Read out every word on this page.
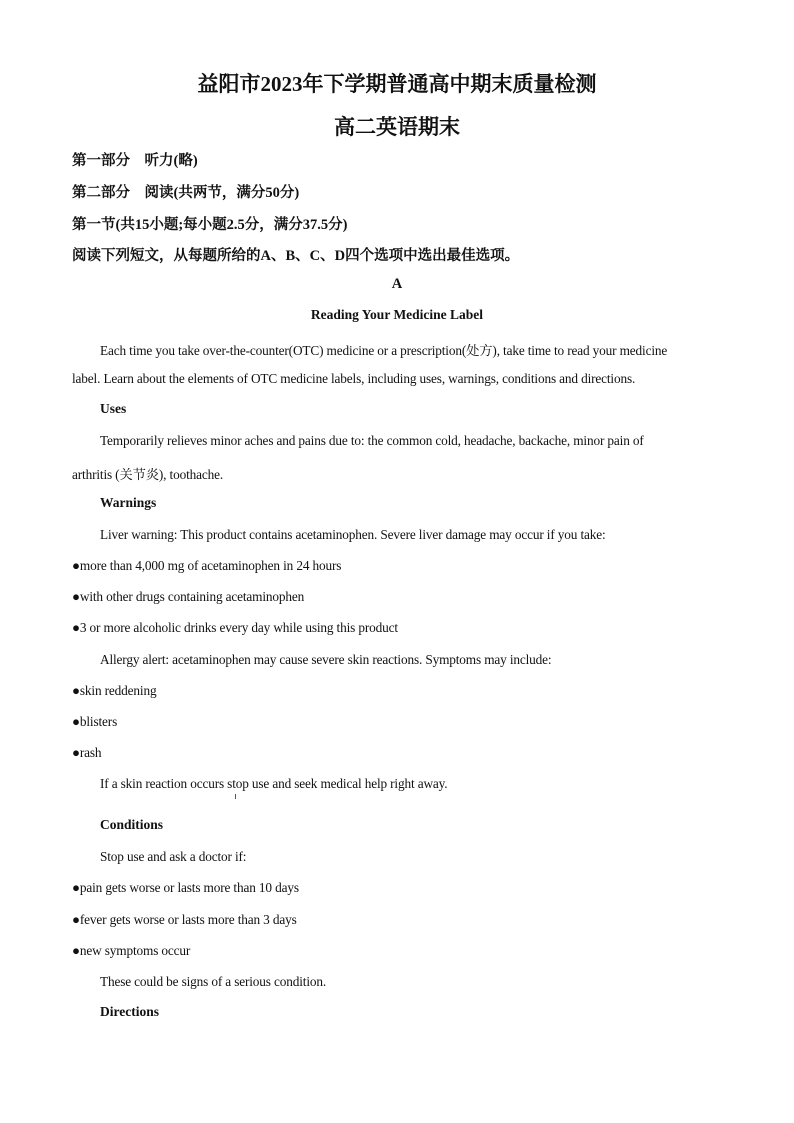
益阳市2023年下学期普通高中期末质量检测
高二英语期末
第一部分　听力(略)
第二部分　阅读(共两节，满分50分)
第一节(共15小题;每小题2.5分，满分37.5分)
阅读下列短文，从每题所给的A、B、C、D四个选项中选出最佳选项。
A
Reading Your Medicine Label
Each time you take over-the-counter(OTC) medicine or a prescription(处方), take time to read your medicine
label. Learn about the elements of OTC medicine labels, including uses, warnings, conditions and directions.
Uses
Temporarily relieves minor aches and pains due to: the common cold, headache, backache, minor pain of
arthritis (关节炎), toothache.
Warnings
Liver warning: This product contains acetaminophen. Severe liver damage may occur if you take:
●more than 4,000 mg of acetaminophen in 24 hours
●with other drugs containing acetaminophen
●3 or more alcoholic drinks every day while using this product
Allergy alert: acetaminophen may cause severe skin reactions. Symptoms may include:
●skin reddening
●blisters
●rash
If a skin reaction occurs stop use and seek medical help right away.
Conditions
Stop use and ask a doctor if:
●pain gets worse or lasts more than 10 days
●fever gets worse or lasts more than 3 days
●new symptoms occur
These could be signs of a serious condition.
Directions
